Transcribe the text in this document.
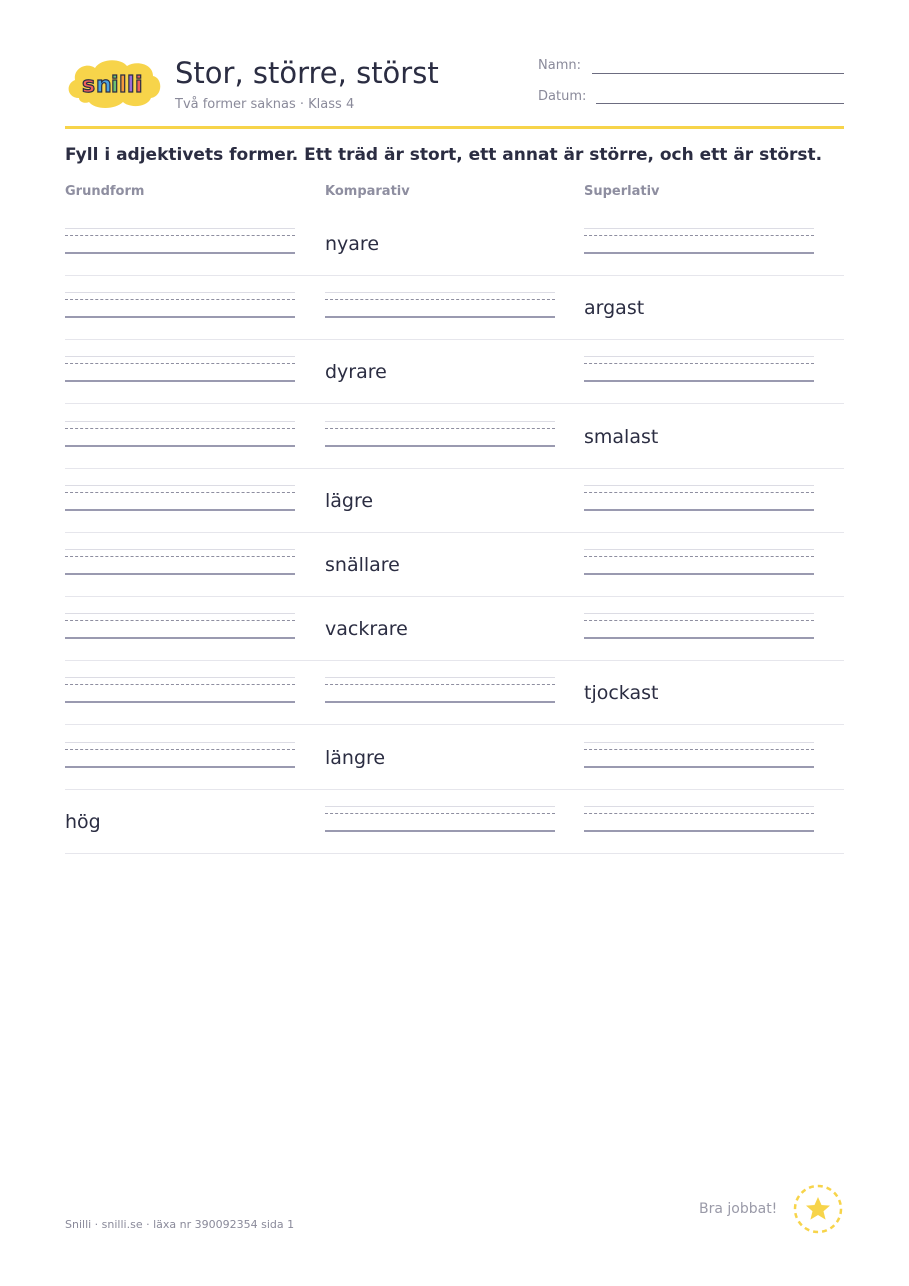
s n i l l i Stor, större, störst
Två former saknas · Klass 4
Namn:
Datum:
Fyll i adjektivets former. Ett träd är stort, ett annat är större, och ett är störst.
Grundform	Komparativ	Superlativ
nyare
argast
dyrare
smalast
lägre
snällare
vackrare
tjockast
längre
hög
Snilli · snilli.se · läxa nr 390092354 sida 1
Bra jobbat!
